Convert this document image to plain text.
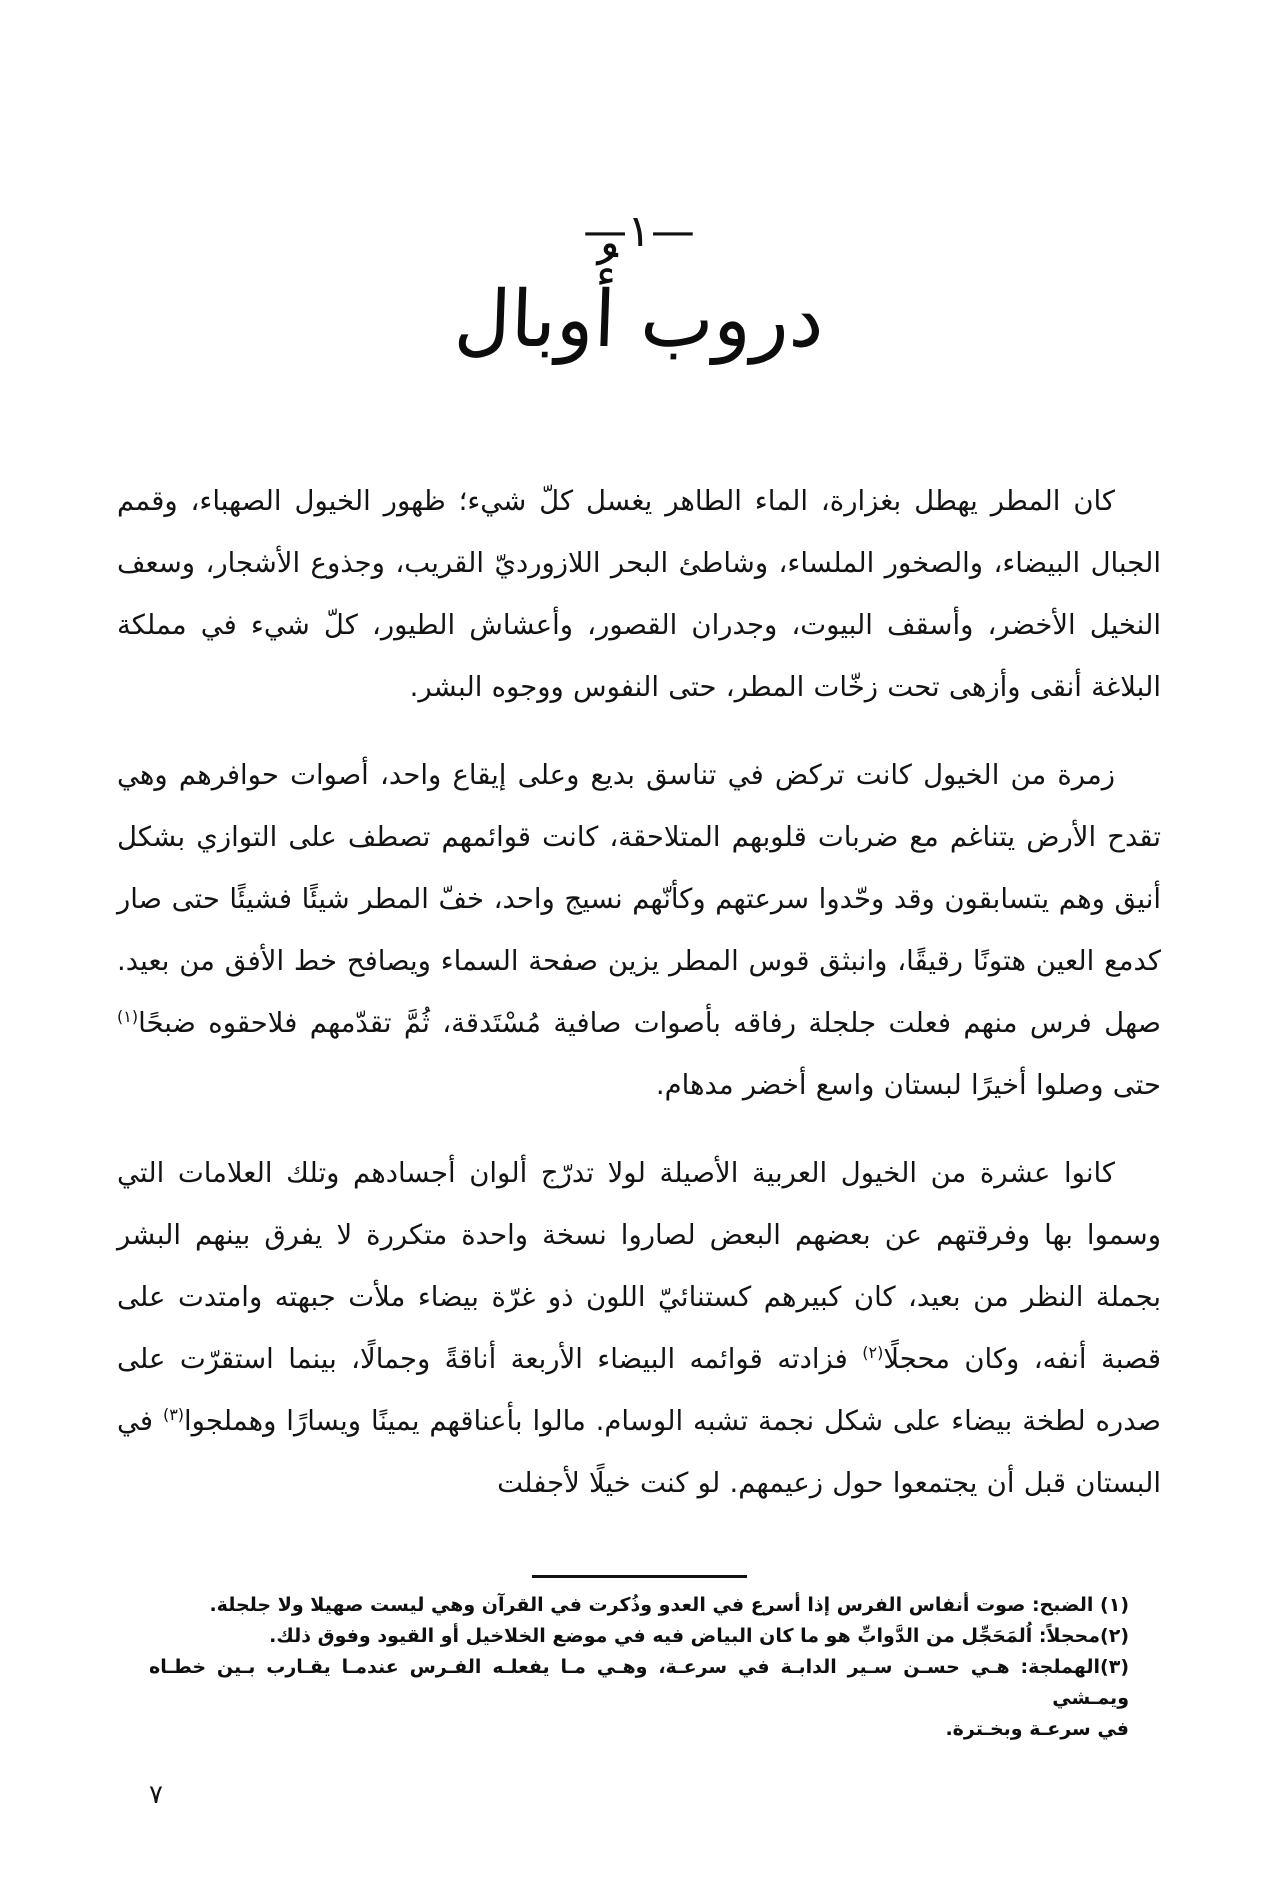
—١—
دروب أُوبال

كان المطر يهطل بغزارة، الماء الطاهر يغسل كلّ شيء؛ ظهور الخيول الصهباء، وقمم الجبال البيضاء، والصخور الملساء، وشاطئ البحر اللازورديّ القريب، وجذوع الأشجار، وسعف النخيل الأخضر، وأسقف البيوت، وجدران القصور، وأعشاش الطيور، كلّ شيء في مملكة البلاغة أنقى وأزهى تحت زخّات المطر، حتى النفوس ووجوه البشر.

زمرة من الخيول كانت تركض في تناسق بديع وعلى إيقاع واحد، أصوات حوافرهم وهي تقدح الأرض يتناغم مع ضربات قلوبهم المتلاحقة، كانت قوائمهم تصطف على التوازي بشكل أنيق وهم يتسابقون وقد وحّدوا سرعتهم وكأنّهم نسيج واحد، خفّ المطر شيئًا فشيئًا حتى صار كدمع العين هتونًا رقيقًا، وانبثق قوس المطر يزين صفحة السماء ويصافح خط الأفق من بعيد. صهل فرس منهم فعلت جلجلة رفاقه بأصوات صافية مُسْتَدقة، ثُمَّ تقدّمهم فلاحقوه ضبحًا$^{(١)}$ حتى وصلوا أخيرًا لبستان واسع أخضر مدهام.

كانوا عشرة من الخيول العربية الأصيلة لولا تدرّج ألوان أجسادهم وتلك العلامات التي وسموا بها وفرقتهم عن بعضهم البعض لصاروا نسخة واحدة متكررة لا يفرق بينهم البشر بجملة النظر من بعيد، كان كبيرهم كستنائيّ اللون ذو غرّة بيضاء ملأت جبهته وامتدت على قصبة أنفه، وكان محجلًا$^{(٢)}$ فزادته قوائمه البيضاء الأربعة أناقةً وجمالًا، بينما استقرّت على صدره لطخة بيضاء على شكل نجمة تشبه الوسام. مالوا بأعناقهم يمينًا ويسارًا وهملجوا$^{(٣)}$ في البستان قبل أن يجتمعوا حول زعيمهم. لو كنت خيلًا لأجفلت

(١) الضبح: صوت أنفاس الفرس إذا أسرع في العدو وذُكرت في القرآن وهي ليست صهيلا ولا جلجلة.

(٢)محجلاً: اُلمَحَجِّل من الدَّوابِّ هو ما كان البياض فيه في موضع الخلاخيل أو القيود وفوق ذلك.

(٣)الهملجة: هـي حسـن سـير الدابـة في سرعـة، وهـي مـا يفعلـه الفـرس عندمـا يقـارب بـين خطـاه ويمـشي

في سرعـة وبخـترة.

٧
